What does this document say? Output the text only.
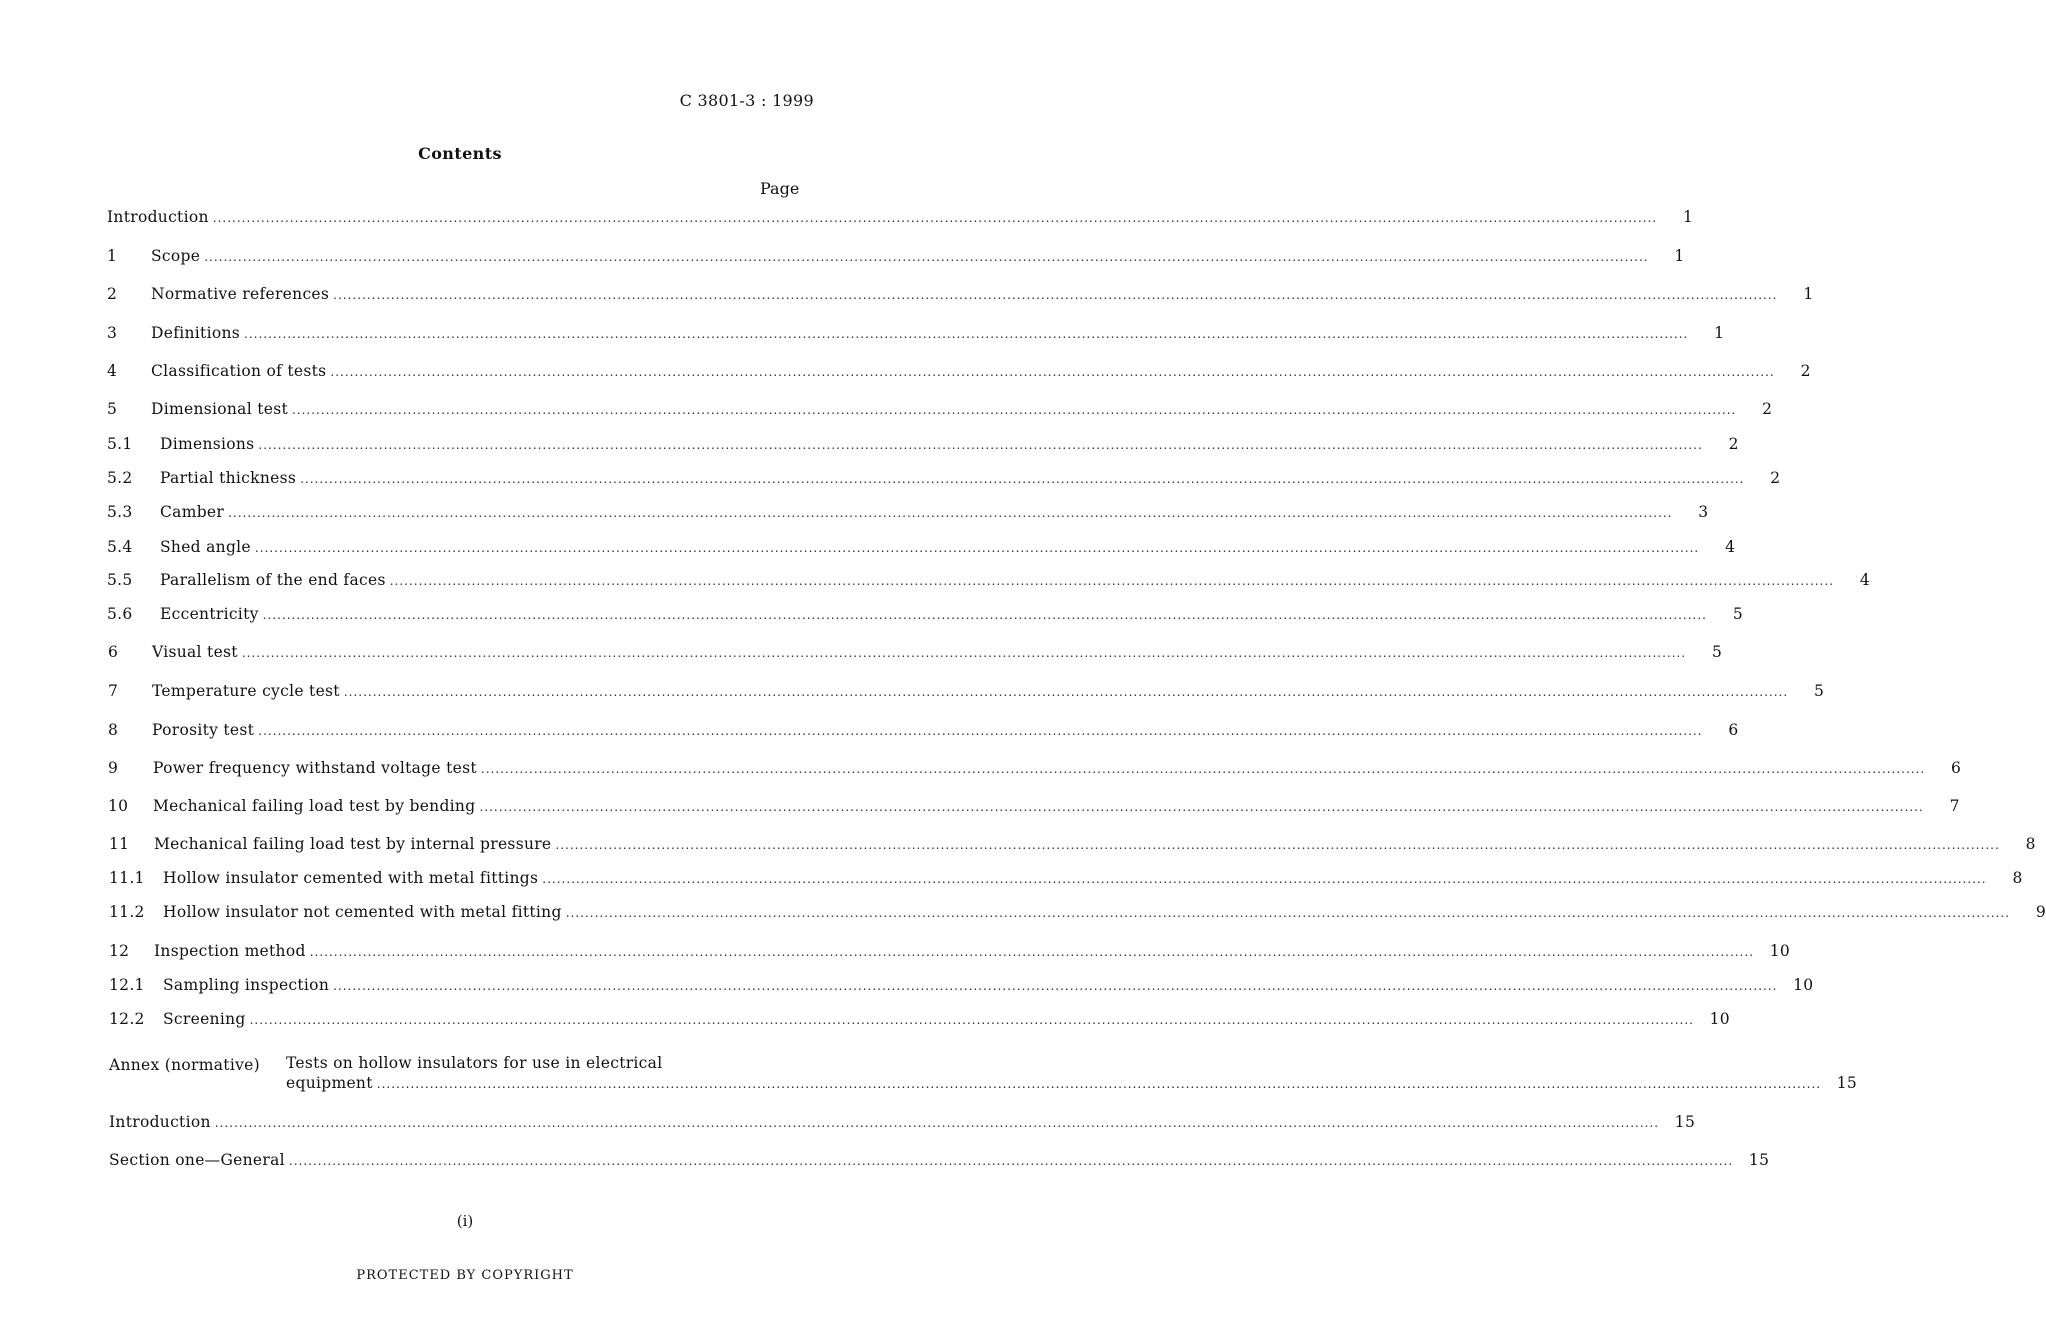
C 3801-3 : 1999
Contents
Page
Introduction ............................................................................................................................................................................................................................................................................................................	1
1	Scope ............................................................................................................................................................................................................................................................................................................	1
2	Normative references ............................................................................................................................................................................................................................................................................................................	1
3	Definitions ............................................................................................................................................................................................................................................................................................................	1
4	Classification of tests ............................................................................................................................................................................................................................................................................................................	2
5	Dimensional test ............................................................................................................................................................................................................................................................................................................	2
5.1	Dimensions ............................................................................................................................................................................................................................................................................................................	2
5.2	Partial thickness ............................................................................................................................................................................................................................................................................................................	2
5.3	Camber ............................................................................................................................................................................................................................................................................................................	3
5.4	Shed angle ............................................................................................................................................................................................................................................................................................................	4
5.5	Parallelism of the end faces ............................................................................................................................................................................................................................................................................................................	4
5.6	Eccentricity ............................................................................................................................................................................................................................................................................................................	5
6	Visual test ............................................................................................................................................................................................................................................................................................................	5
7	Temperature cycle test ............................................................................................................................................................................................................................................................................................................	5
8	Porosity test ............................................................................................................................................................................................................................................................................................................	6
9	Power frequency withstand voltage test ............................................................................................................................................................................................................................................................................................................	6
10	Mechanical failing load test by bending ............................................................................................................................................................................................................................................................................................................	7
11	Mechanical failing load test by internal pressure ............................................................................................................................................................................................................................................................................................................	8
11.1	Hollow insulator cemented with metal fittings ............................................................................................................................................................................................................................................................................................................	8
11.2	Hollow insulator not cemented with metal fitting ............................................................................................................................................................................................................................................................................................................	9
12	Inspection method ............................................................................................................................................................................................................................................................................................................	10
12.1	Sampling inspection ............................................................................................................................................................................................................................................................................................................	10
12.2	Screening ............................................................................................................................................................................................................................................................................................................	10
Annex (normative) Tests on hollow insulators for use in electrical
equipment ............................................................................................................................................................................................................................................................................................................	15
Introduction ............................................................................................................................................................................................................................................................................................................	15
Section one—General ............................................................................................................................................................................................................................................................................................................	15
(i)
PROTECTED BY COPYRIGHT
